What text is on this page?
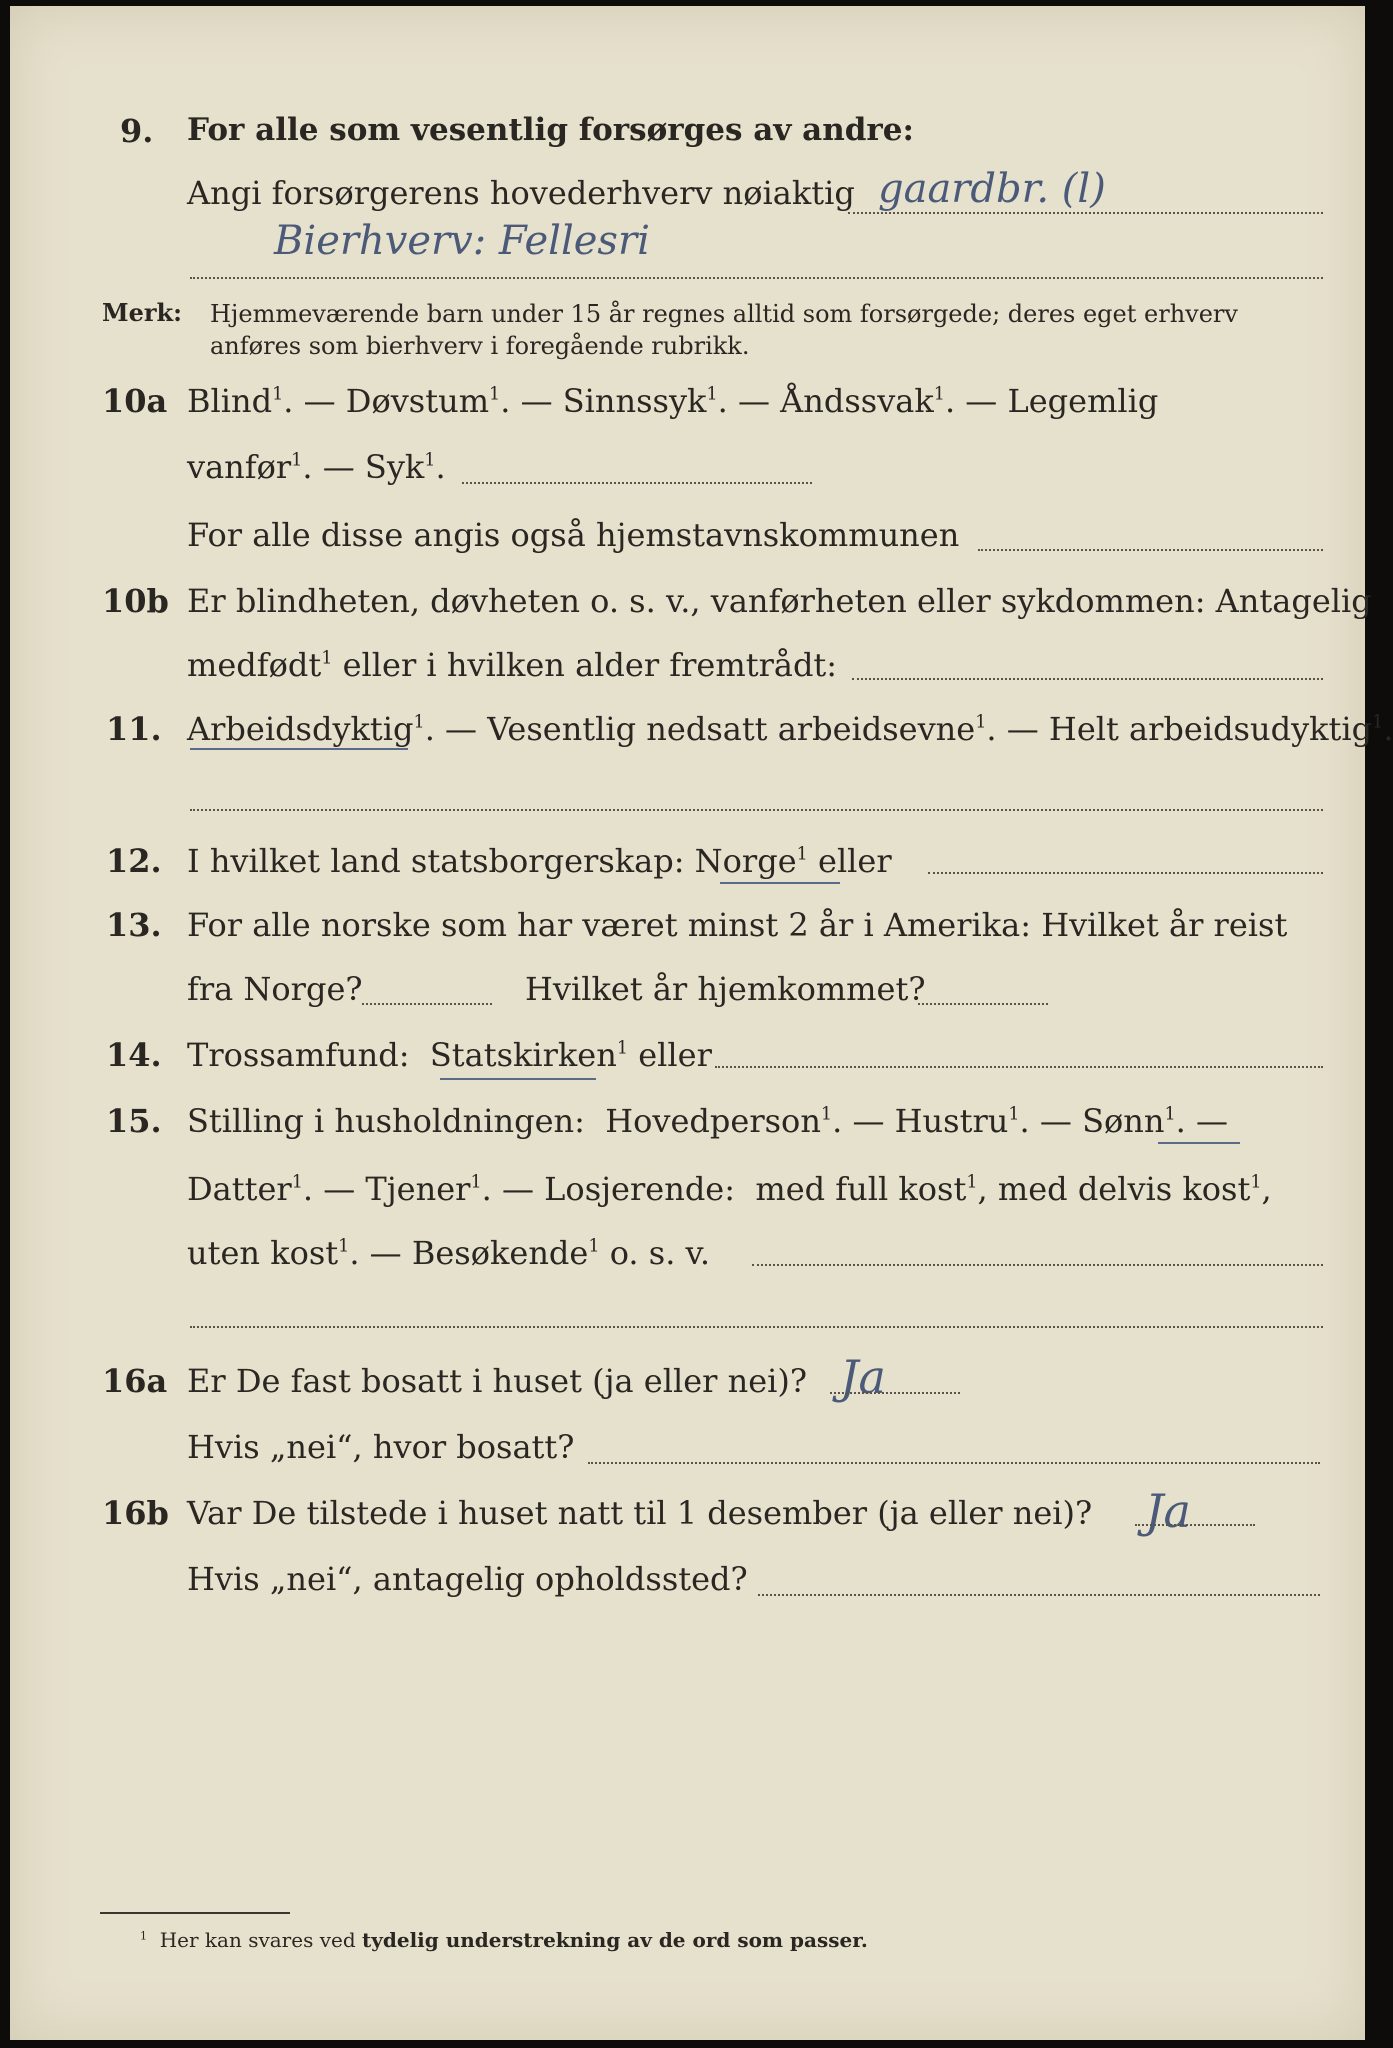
9. For alle som vesentlig forsørges av andre:
Angi forsørgerens hovederhverv nøiaktig gaardbr. (l)
Bierhverv: Fellesri
Merk: Hjemmeværende barn under 15 år regnes alltid som forsørgede; deres eget erhverv
anføres som bierhverv i foregående rubrikk.
10a Blind$^1$. — Døvstum$^1$. — Sinnssyk$^1$. — Åndssvak$^1$. — Legemlig
vanfør$^1$. — Syk$^1$.
For alle disse angis også hjemstavnskommunen
10b Er blindheten, døvheten o. s. v., vanførheten eller sykdommen: Antagelig
medfødt$^1$ eller i hvilken alder fremtrådt:
11. Arbeidsdyktig$^1$. — Vesentlig nedsatt arbeidsevne$^1$. — Helt arbeidsudyktig$^1$.
12. I hvilket land statsborgerskap: Norge$^1$ eller
13. For alle norske som har været minst 2 år i Amerika: Hvilket år reist
fra Norge?	Hvilket år hjemkommet?
14. Trossamfund: Statskirken$^1$ eller
15. Stilling i husholdningen: Hovedperson$^1$. — Hustru$^1$. — Sønn$^1$. —
Datter$^1$. — Tjener$^1$. — Losjerende: med full kost$^1$, med delvis kost$^1$,
uten kost$^1$. — Besøkende$^1$ o. s. v.
16a Er De fast bosatt i huset (ja eller nei)? Ja
Hvis „nei“, hvor bosatt?
16b Var De tilstede i huset natt til 1 desember (ja eller nei)? Ja
Hvis „nei“, antagelig opholdssted?
$^1$ Her kan svares ved tydelig understrekning av de ord som passer.
